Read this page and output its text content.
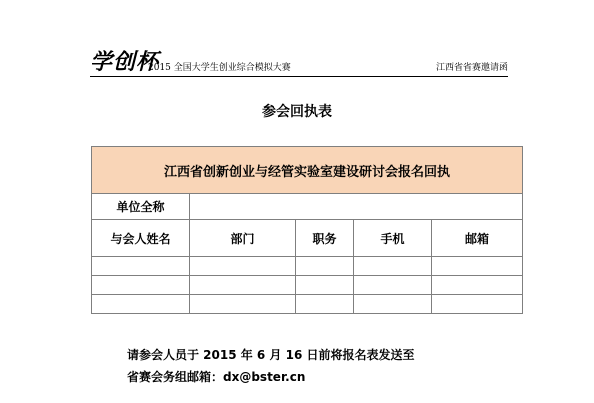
学创杯
2015 全国大学生创业综合模拟大赛	江西省省赛邀请函
参会回执表
江西省创新创业与经管实验室建设研讨会报名回执				
单位全称				
与会人姓名	部门	职务	手机	邮箱

请参会人员于 2015 年 6 月 16 日前将报名表发送至
省赛会务组邮箱：dx@bster.cn
